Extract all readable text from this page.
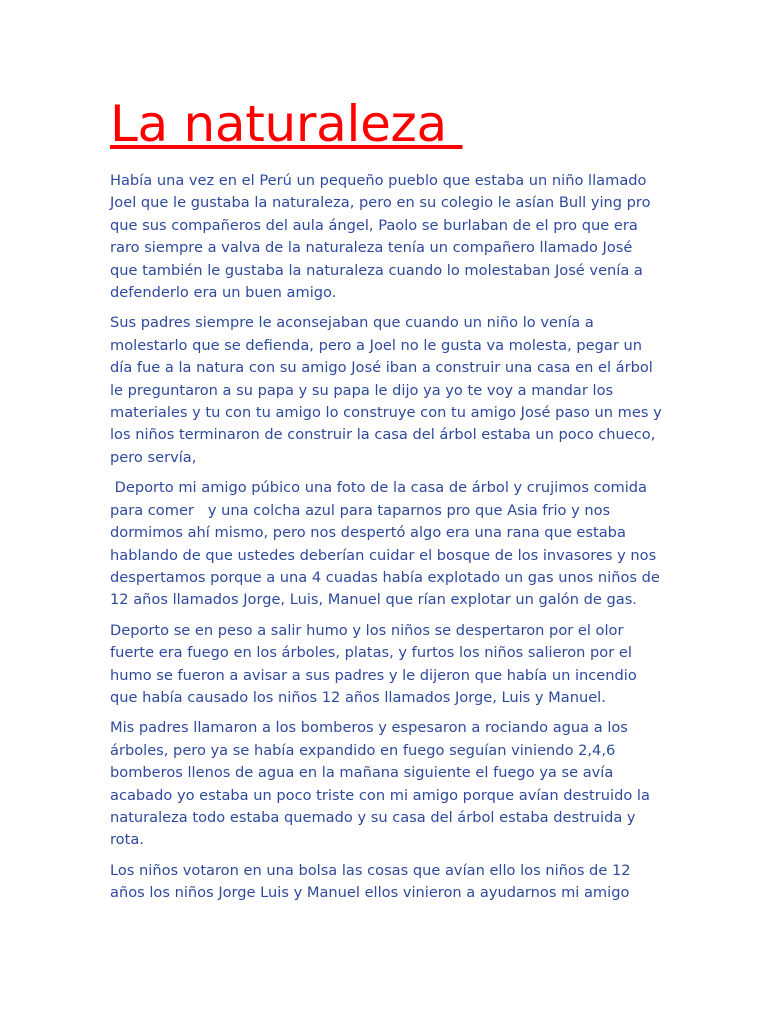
La naturaleza

Había una vez en el Perú un pequeño pueblo que estaba un niño llamado
Joel que le gustaba la naturaleza, pero en su colegio le asían Bull ying pro
que sus compañeros del aula ángel, Paolo se burlaban de el pro que era
raro siempre a valva de la naturaleza tenía un compañero llamado José
que también le gustaba la naturaleza cuando lo molestaban José venía a
defenderlo era un buen amigo.

Sus padres siempre le aconsejaban que cuando un niño lo venía a
molestarlo que se defienda, pero a Joel no le gusta va molesta, pegar un
día fue a la natura con su amigo José iban a construir una casa en el árbol
le preguntaron a su papa y su papa le dijo ya yo te voy a mandar los
materiales y tu con tu amigo lo construye con tu amigo José paso un mes y
los niños terminaron de construir la casa del árbol estaba un poco chueco,
pero servía,

Deporto mi amigo púbico una foto de la casa de árbol y crujimos comida
para comer   y una colcha azul para taparnos pro que Asia frio y nos
dormimos ahí mismo, pero nos despertó algo era una rana que estaba
hablando de que ustedes deberían cuidar el bosque de los invasores y nos
despertamos porque a una 4 cuadas había explotado un gas unos niños de
12 años llamados Jorge, Luis, Manuel que rían explotar un galón de gas.

Deporto se en peso a salir humo y los niños se despertaron por el olor
fuerte era fuego en los árboles, platas, y furtos los niños salieron por el
humo se fueron a avisar a sus padres y le dijeron que había un incendio
que había causado los niños 12 años llamados Jorge, Luis y Manuel.

Mis padres llamaron a los bomberos y espesaron a rociando agua a los
árboles, pero ya se había expandido en fuego seguían viniendo 2,4,6
bomberos llenos de agua en la mañana siguiente el fuego ya se avía
acabado yo estaba un poco triste con mi amigo porque avían destruido la
naturaleza todo estaba quemado y su casa del árbol estaba destruida y
rota.

Los niños votaron en una bolsa las cosas que avían ello los niños de 12
años los niños Jorge Luis y Manuel ellos vinieron a ayudarnos mi amigo
